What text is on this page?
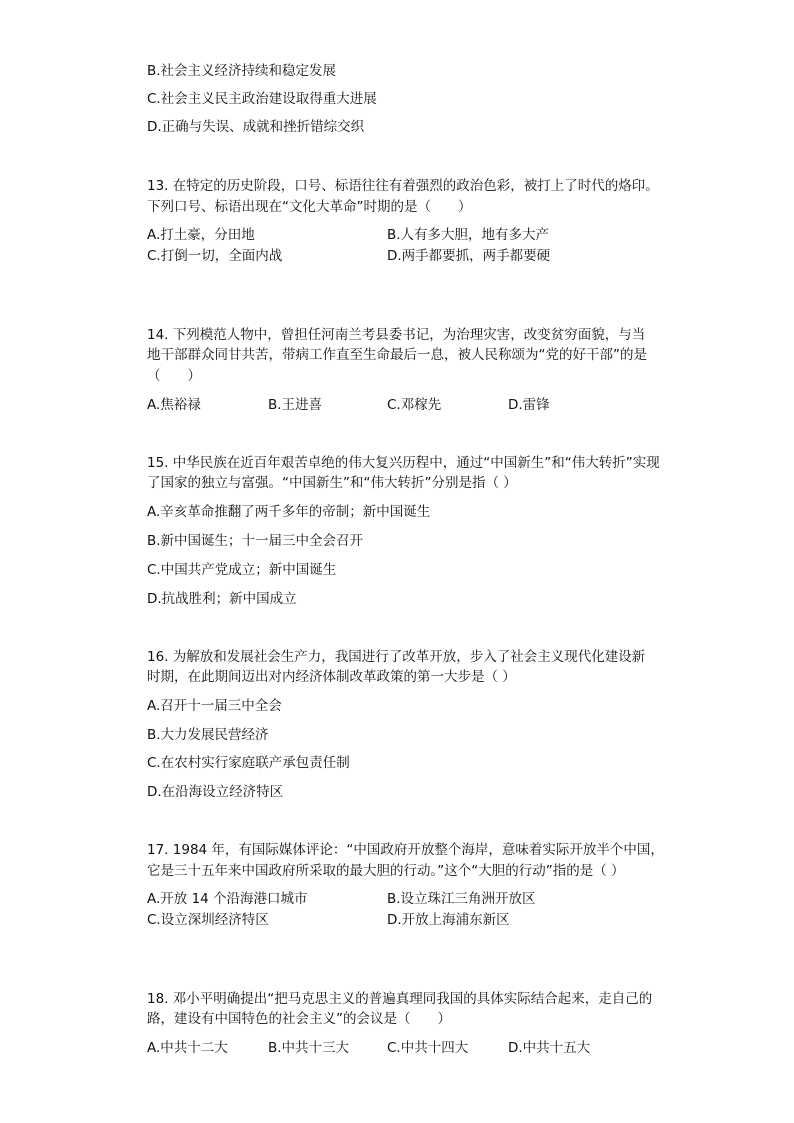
B.社会主义经济持续和稳定发展
C.社会主义民主政治建设取得重大进展
D.正确与失误、成就和挫折错综交织
13. 在特定的历史阶段，口号、标语往往有着强烈的政治色彩，被打上了时代的烙印。
下列口号、标语出现在“文化大革命”时期的是（　　）
A.打土豪，分田地	B.人有多大胆，地有多大产
C.打倒一切，全面内战	D.两手都要抓，两手都要硬
14. 下列模范人物中，曾担任河南兰考县委书记，为治理灾害，改变贫穷面貌，与当
地干部群众同甘共苦，带病工作直至生命最后一息，被人民称颂为“党的好干部”的是
（　　）
A.焦裕禄	B.王进喜	C.邓稼先	D.雷锋
15. 中华民族在近百年艰苦卓绝的伟大复兴历程中，通过“中国新生”和“伟大转折”实现
了国家的独立与富强。“中国新生”和“伟大转折”分别是指（ ）
A.辛亥革命推翻了两千多年的帝制；新中国诞生
B.新中国诞生；十一届三中全会召开
C.中国共产党成立；新中国诞生
D.抗战胜利；新中国成立
16. 为解放和发展社会生产力，我国进行了改革开放，步入了社会主义现代化建设新
时期，在此期间迈出对内经济体制改革政策的第一大步是（ ）
A.召开十一届三中全会
B.大力发展民营经济
C.在农村实行家庭联产承包责任制
D.在沿海设立经济特区
17. 1984 年，有国际媒体评论：“中国政府开放整个海岸，意味着实际开放半个中国，
它是三十五年来中国政府所采取的最大胆的行动。”这个“大胆的行动”指的是（ ）
A.开放 14 个沿海港口城市	B.设立珠江三角洲开放区
C.设立深圳经济特区	D.开放上海浦东新区
18. 邓小平明确提出“把马克思主义的普遍真理同我国的具体实际结合起来，走自己的
路，建设有中国特色的社会主义”的会议是（　　）
A.中共十二大	B.中共十三大	C.中共十四大	D.中共十五大
